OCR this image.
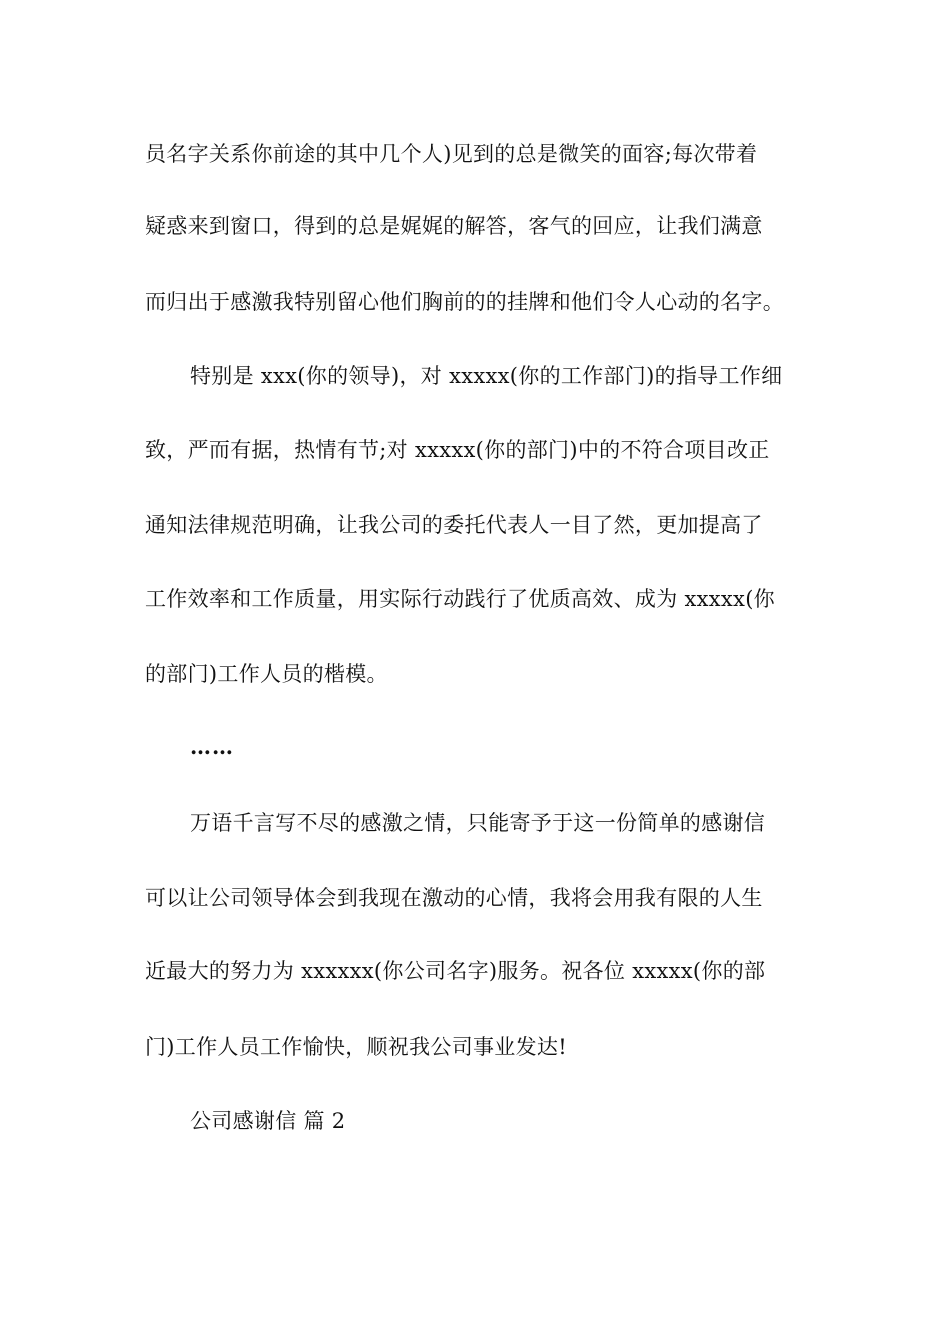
员名字关系你前途的其中几个人)见到的总是微笑的面容;每次带着
疑惑来到窗口，得到的总是娓娓的解答，客气的回应，让我们满意
而归出于感激我特别留心他们胸前的的挂牌和他们令人心动的名字。
特别是 xxx(你的领导)，对 xxxxx(你的工作部门)的指导工作细
致，严而有据，热情有节;对 xxxxx(你的部门)中的不符合项目改正
通知法律规范明确，让我公司的委托代表人一目了然，更加提高了
工作效率和工作质量，用实际行动践行了优质高效、成为 xxxxx(你
的部门)工作人员的楷模。
……
万语千言写不尽的感激之情，只能寄予于这一份简单的感谢信
可以让公司领导体会到我现在激动的心情，我将会用我有限的人生
近最大的努力为 xxxxxx(你公司名字)服务。祝各位 xxxxx(你的部
门)工作人员工作愉快，顺祝我公司事业发达!
公司感谢信 篇 2
